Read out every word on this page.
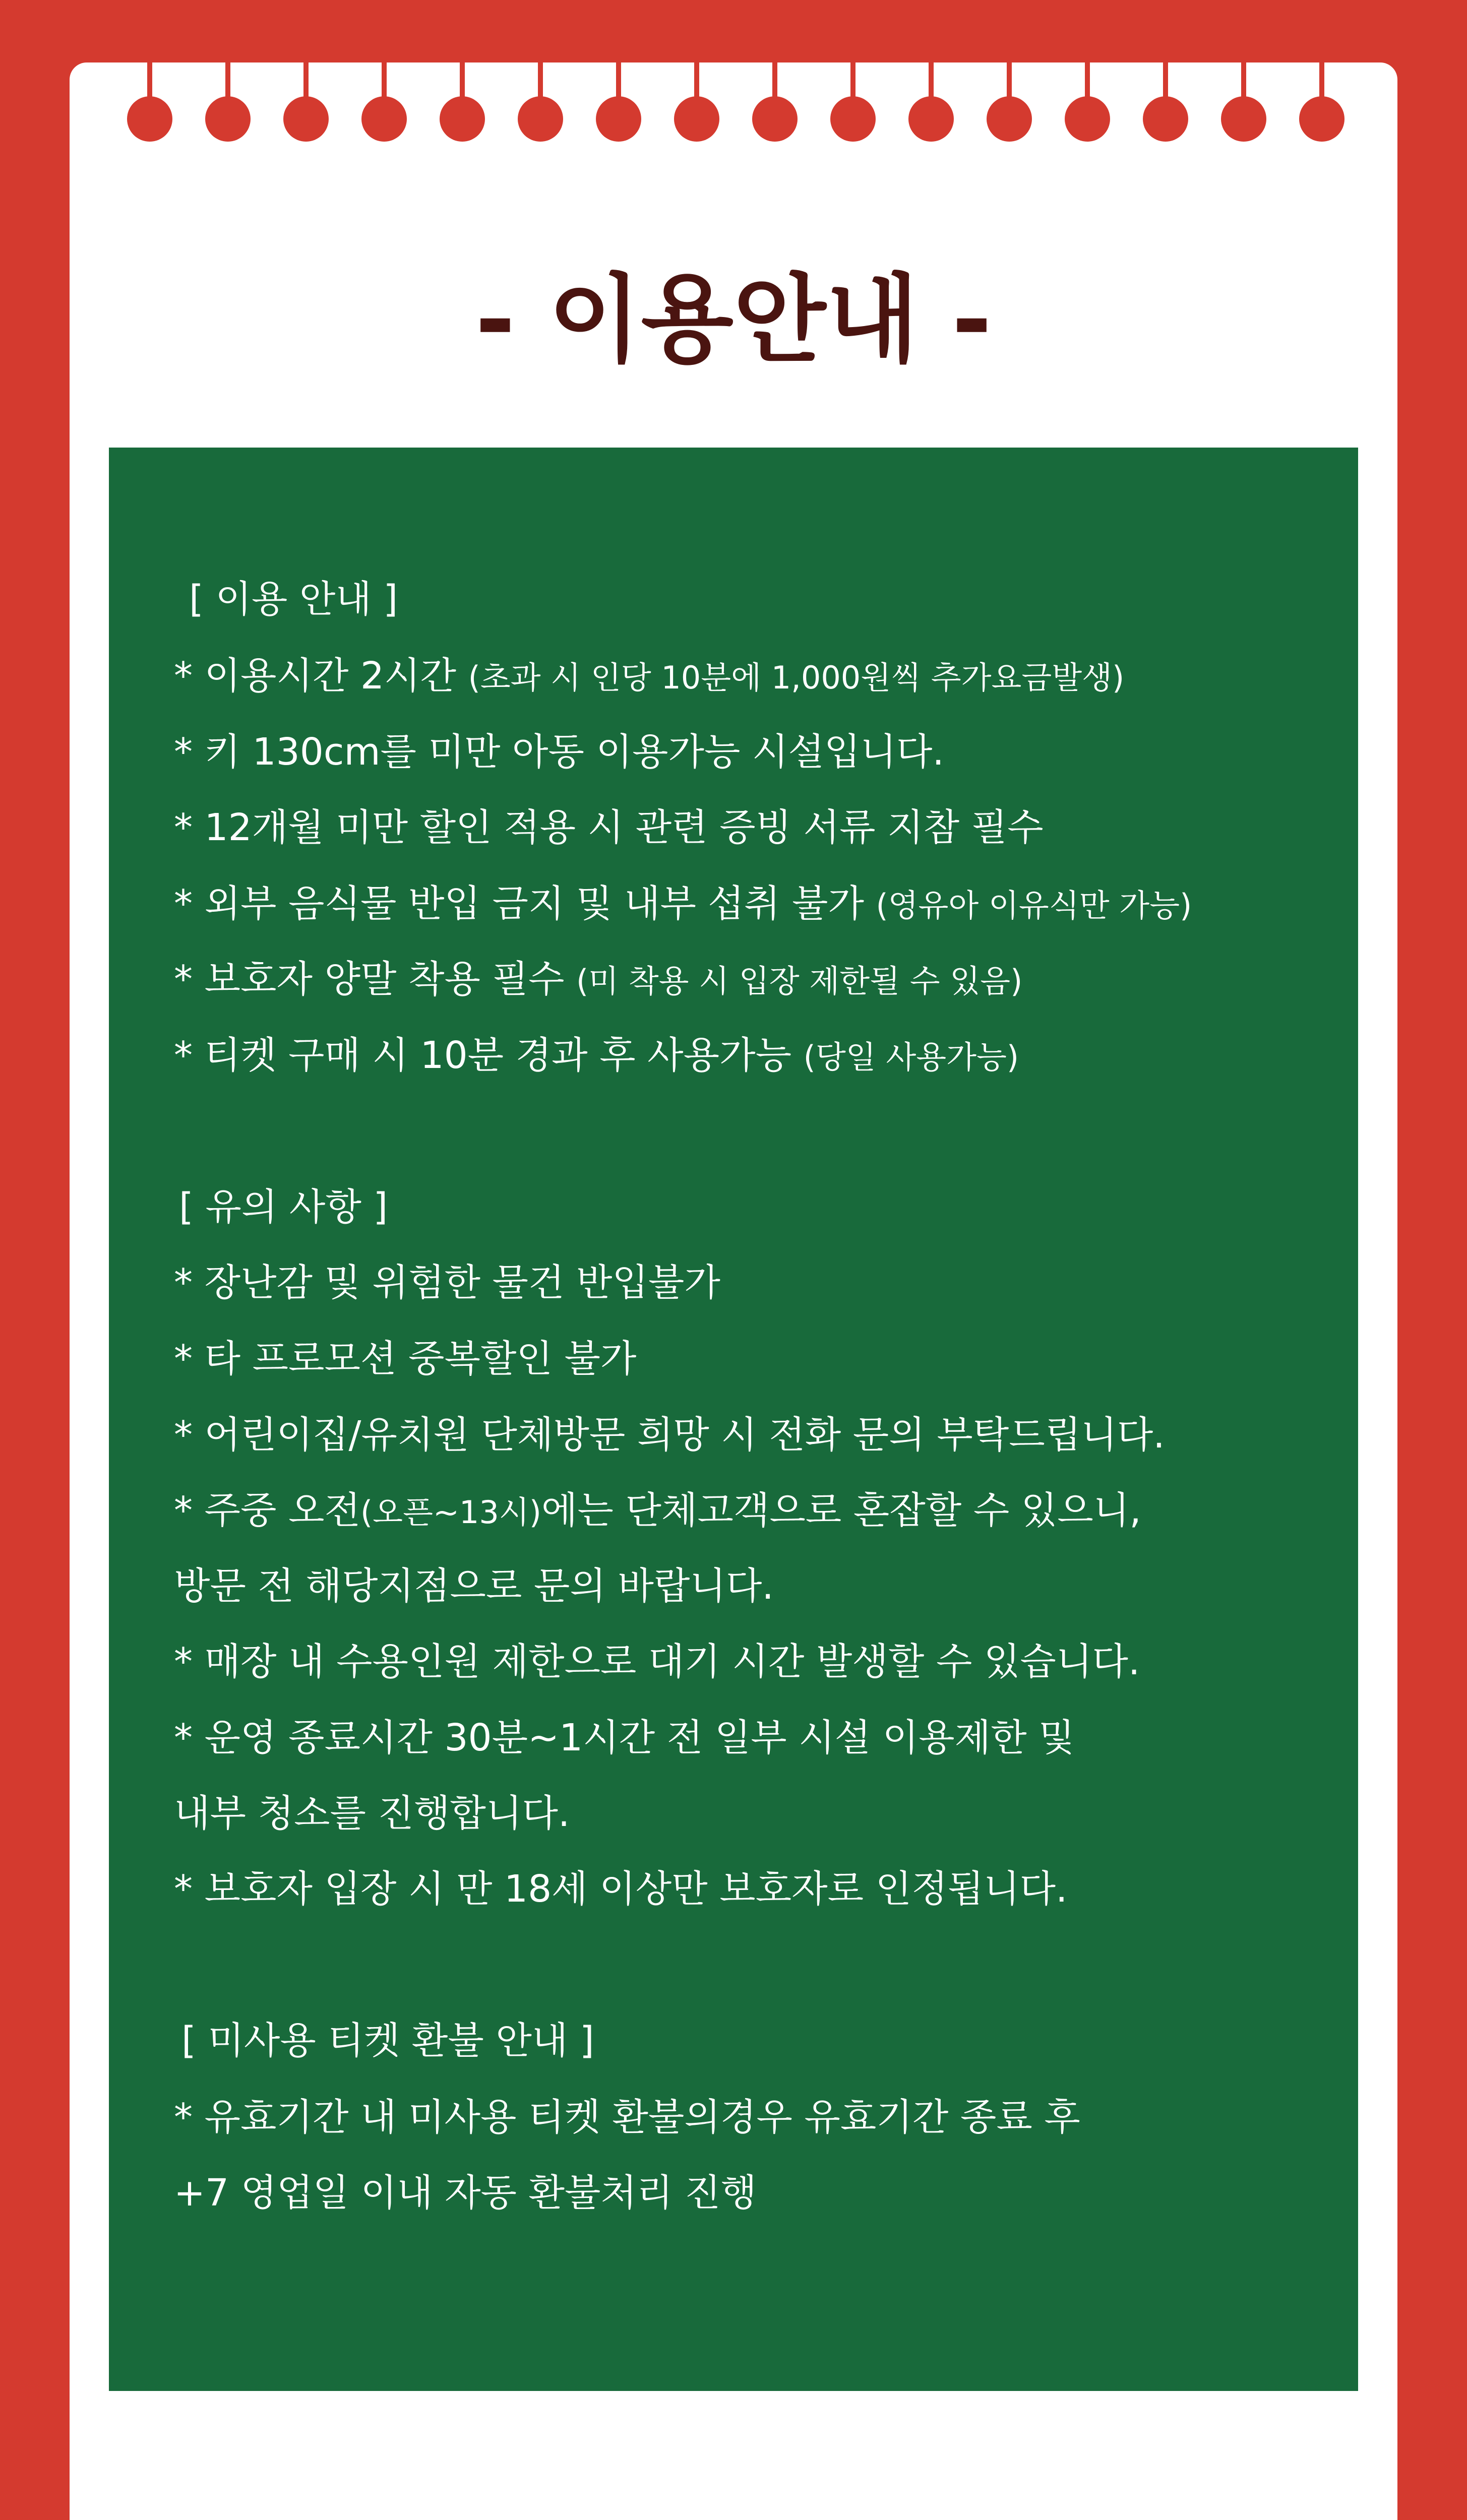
- 이용안내 -

[ 이용 안내 ]

* 이용시간 2시간 (초과 시 인당 10분에 1,000원씩 추가요금발생)

* 키 130cm를 미만 아동 이용가능 시설입니다.

* 12개월 미만 할인 적용 시 관련 증빙 서류 지참 필수

* 외부 음식물 반입 금지 및 내부 섭취 불가 (영유아 이유식만 가능)

* 보호자 양말 착용 필수 (미 착용 시 입장 제한될 수 있음)

* 티켓 구매 시 10분 경과 후 사용가능 (당일 사용가능)

[ 유의 사항 ]

* 장난감 및 위험한 물건 반입불가

* 타 프로모션 중복할인 불가

* 어린이집/유치원 단체방문 희망 시 전화 문의 부탁드립니다.

* 주중 오전(오픈~13시)에는 단체고객으로 혼잡할 수 있으니,

방문 전 해당지점으로 문의 바랍니다.

* 매장 내 수용인원 제한으로 대기 시간 발생할 수 있습니다.

* 운영 종료시간 30분~1시간 전 일부 시설 이용제한 및

내부 청소를 진행합니다.

* 보호자 입장 시 만 18세 이상만 보호자로 인정됩니다.

[ 미사용 티켓 환불 안내 ]

* 유효기간 내 미사용 티켓 환불의경우 유효기간 종료 후

+7 영업일 이내 자동 환불처리 진행
